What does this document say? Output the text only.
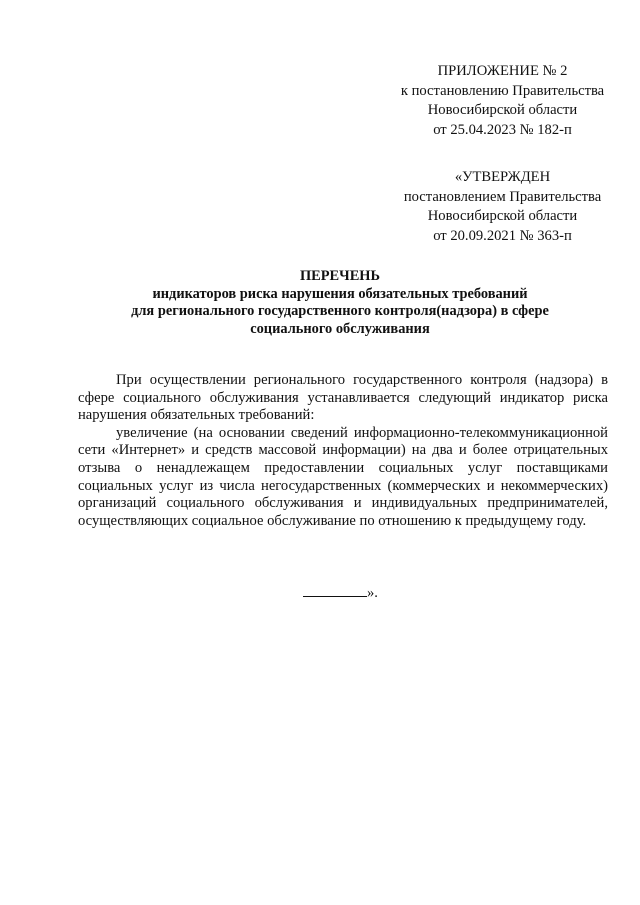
ПРИЛОЖЕНИЕ № 2
к постановлению Правительства
Новосибирской области
от 25.04.2023 № 182-п
«УТВЕРЖДЕН
постановлением Правительства
Новосибирской области
от 20.09.2021 № 363-п
ПЕРЕЧЕНЬ
индикаторов риска нарушения обязательных требований
для регионального государственного контроля(надзора) в сфере
социального обслуживания

При осуществлении регионального государственного контроля (надзора) в сфере социального обслуживания устанавливается следующий индикатор риска нарушения обязательных требований:

увеличение (на основании сведений информационно-телекоммуникационной сети «Интернет» и средств массовой информации) на два и более отрицательных отзыва о ненадлежащем предоставлении социальных услуг поставщиками социальных услуг из числа негосударственных (коммерческих и некоммерческих) организаций социального обслуживания и индивидуальных предпринимателей, осуществляющих социальное обслуживание по отношению к предыдущему году.

».
